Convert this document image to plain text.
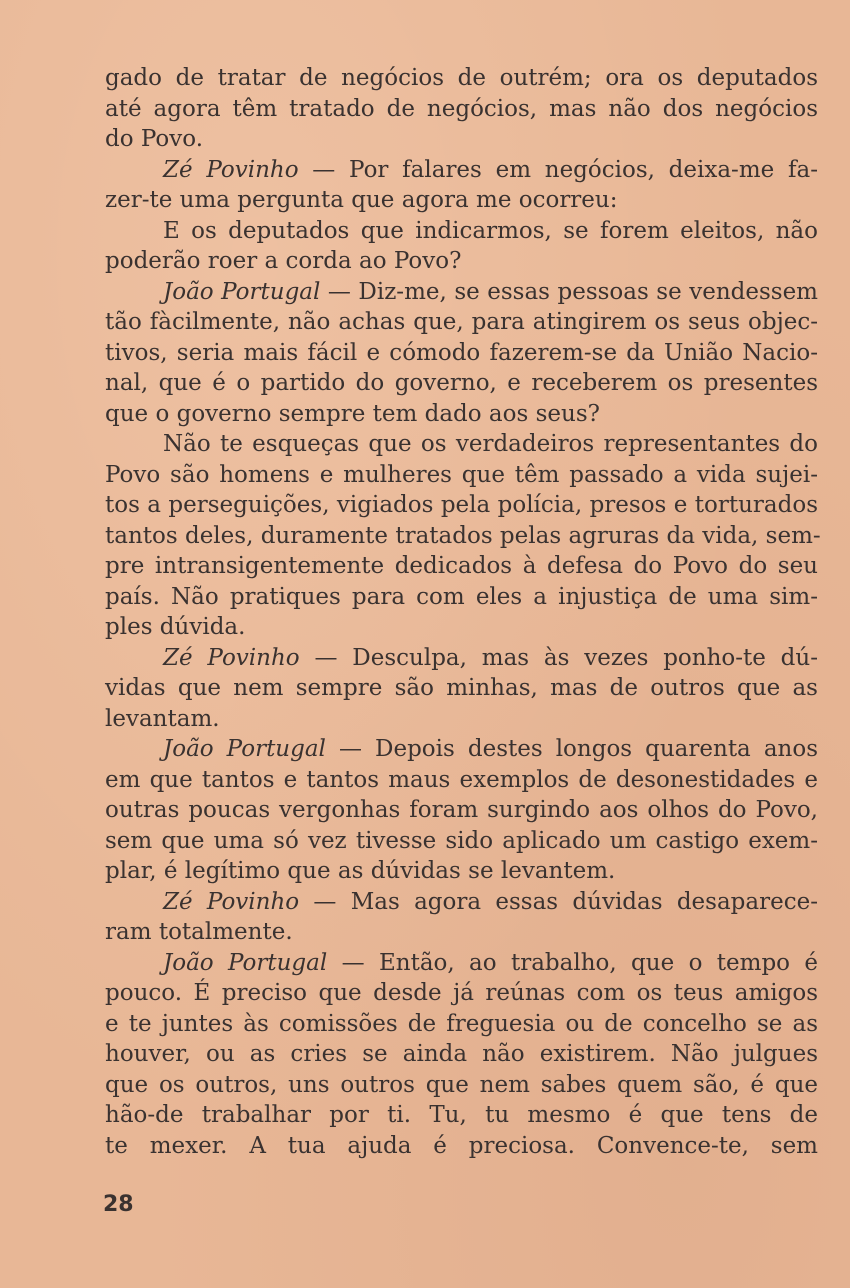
gado de tratar de negócios de outrém; ora os deputados
até agora têm tratado de negócios, mas não dos negócios
do Povo.
Zé Povinho — Por falares em negócios, deixa-me fa-
zer-te uma pergunta que agora me ocorreu:
E os deputados que indicarmos, se forem eleitos, não
poderão roer a corda ao Povo?
João Portugal — Diz-me, se essas pessoas se vendessem
tão fàcilmente, não achas que, para atingirem os seus objec-
tivos, seria mais fácil e cómodo fazerem-se da União Nacio-
nal, que é o partido do governo, e receberem os presentes
que o governo sempre tem dado aos seus?
Não te esqueças que os verdadeiros representantes do
Povo são homens e mulheres que têm passado a vida sujei-
tos a perseguições, vigiados pela polícia, presos e torturados
tantos deles, duramente tratados pelas agruras da vida, sem-
pre intransigentemente dedicados à defesa do Povo do seu
país. Não pratiques para com eles a injustiça de uma sim-
ples dúvida.
Zé Povinho — Desculpa, mas às vezes ponho-te dú-
vidas que nem sempre são minhas, mas de outros que as
levantam.
João Portugal — Depois destes longos quarenta anos
em que tantos e tantos maus exemplos de desonestidades e
outras poucas vergonhas foram surgindo aos olhos do Povo,
sem que uma só vez tivesse sido aplicado um castigo exem-
plar, é legítimo que as dúvidas se levantem.
Zé Povinho — Mas agora essas dúvidas desaparece-
ram totalmente.
João Portugal — Então, ao trabalho, que o tempo é
pouco. É preciso que desde já reúnas com os teus amigos
e te juntes às comissões de freguesia ou de concelho se as
houver, ou as cries se ainda não existirem. Não julgues
que os outros, uns outros que nem sabes quem são, é que
hão-de trabalhar por ti. Tu, tu mesmo é que tens de
te mexer. A tua ajuda é preciosa. Convence-te, sem
28
